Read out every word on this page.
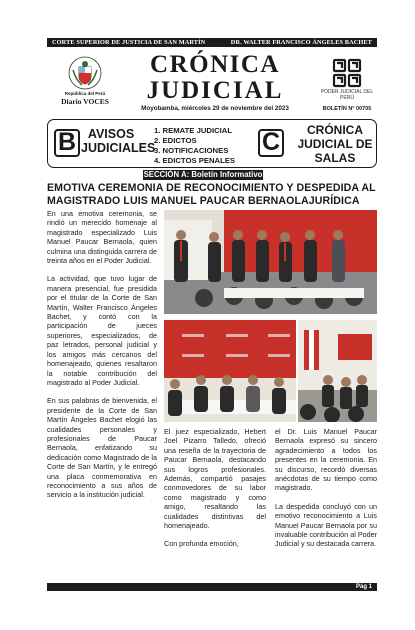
CORTE SUPERIOR DE JUSTICIA DE SAN MARTÍN	DR. WALTER FRANCISCO ÁNGELES BACHET
República del Perú
Diario VOCES
CRÓNICA
JUDICIAL
Moyobamba, miércoles 29 de noviembre del 2023
PODER JUDICIAL DEL PERÚ
BOLETÍN N° 00705
B AVISOS JUDICIALES
1. REMATE JUDICIAL
2. EDICTOS
3. NOTIFICACIONES
4. EDICTOS PENALES
C	CRÓNICA JUDICIAL DE SALAS
SECCIÓN A: Boletín Informativo
EMOTIVA CEREMONIA DE RECONOCIMIENTO Y DESPEDIDA AL MAGISTRADO LUIS MANUEL PAUCAR BERNAOLAJURÍDICA

En una emotiva ceremonia, se rindió un merecido homenaje al magistrado especializado Luis Manuel Paucar Bernaola, quien culmina una distinguida carrera de treinta años en el Poder Judicial.

La actividad, que tuvo lugar de manera presencial, fue presidida por el titular de la Corte de San Martín, Walter Francisco Ángeles Bachet, y contó con la participación de jueces superiores, especializados, de paz letrados, personal judicial y los amigos más cercanos del homenajeado, quienes resaltaron la notable contribución del magistrado al Poder Judicial.

En sus palabras de bienvenida, el presidente de la Corte de San Martín Ángeles Bachet elogió las cualidades personales y profesionales de Paucar Bernaola, enfatizando su dedicación como Magistrado de la Corte de San Martín, y le entregó una placa conmemorativa en reconocimiento a sus años de servicio a la institución judicial.

El juez especializado, Hebert Joel Pizarro Talledo, ofreció una reseña de la trayectoria de Paucar Bernaola, destacando sus logros profesionales. Además, compartió pasajes conmovedores de su labor como magistrado y como amigo, resaltando las cualidades distintivas del homenajeado.

Con profunda emoción,

el Dr. Luis Manuel Paucar Bernaola expresó su sincero agradecimiento a todos los presentes en la ceremonia. En su discurso, recordó diversas anécdotas de su tiempo como magistrado.

La despedida concluyó con un emotivo reconocimiento a Luis Manuel Paucar Bernaola por su invaluable contribución al Poder Judicial y su destacada carrera.

Pág 1
